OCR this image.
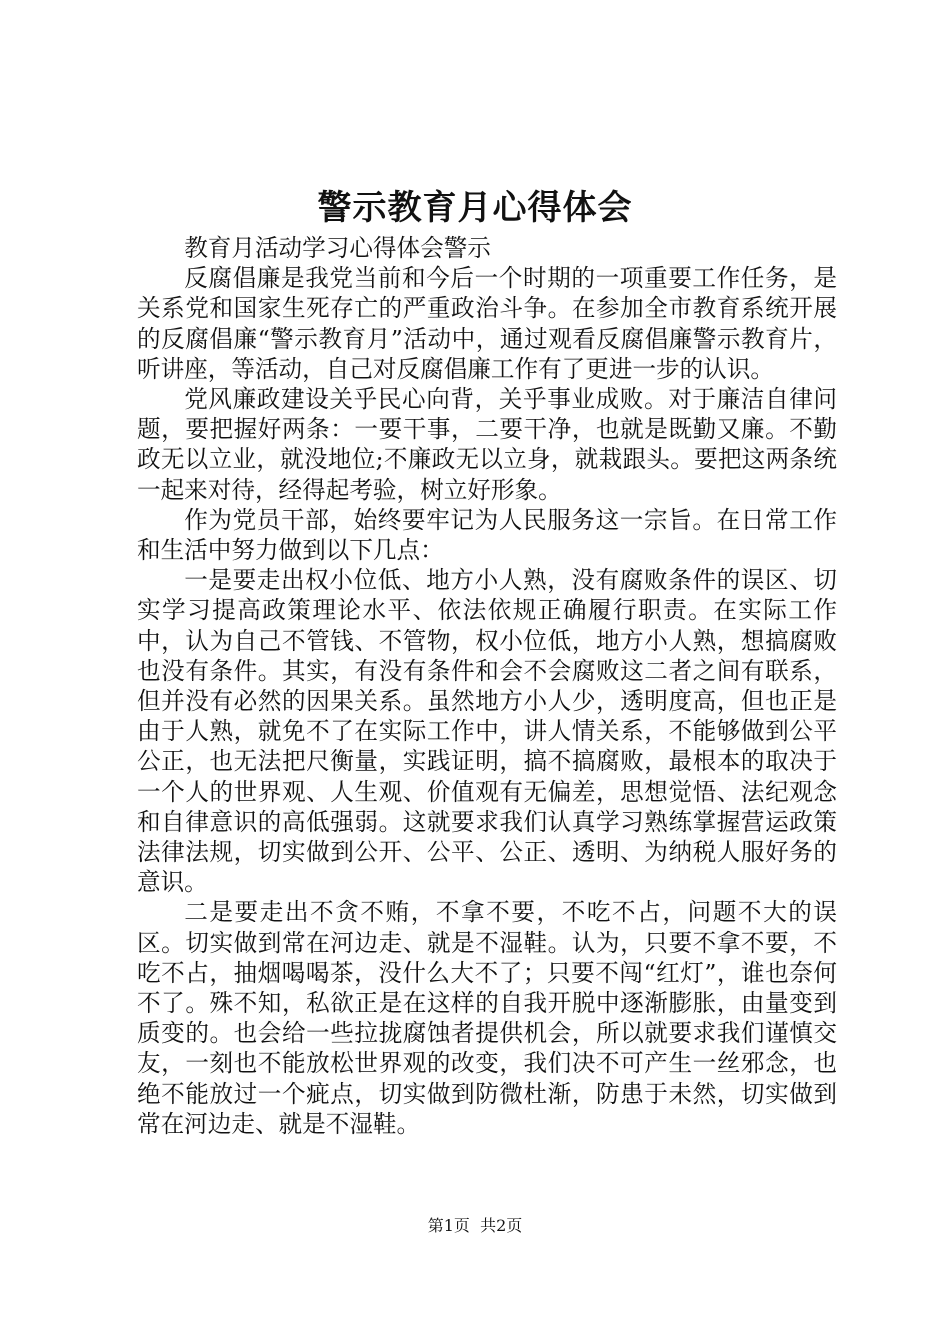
警示教育月心得体会

教育月活动学习心得体会警示

反腐倡廉是我党当前和今后一个时期的一项重要工作任务，是关系党和国家生死存亡的严重政治斗争。在参加全市教育系统开展的反腐倡廉“警示教育月”活动中，通过观看反腐倡廉警示教育片，听讲座，等活动，自己对反腐倡廉工作有了更进一步的认识。

党风廉政建设关乎民心向背，关乎事业成败。对于廉洁自律问题，要把握好两条：一要干事，二要干净，也就是既勤又廉。不勤政无以立业，就没地位;不廉政无以立身，就栽跟头。要把这两条统一起来对待，经得起考验，树立好形象。

作为党员干部，始终要牢记为人民服务这一宗旨。在日常工作和生活中努力做到以下几点：

一是要走出权小位低、地方小人熟，没有腐败条件的误区、切实学习提高政策理论水平、依法依规正确履行职责。在实际工作中，认为自己不管钱、不管物，权小位低，地方小人熟，想搞腐败也没有条件。其实，有没有条件和会不会腐败这二者之间有联系，但并没有必然的因果关系。虽然地方小人少，透明度高，但也正是由于人熟，就免不了在实际工作中，讲人情关系，不能够做到公平公正，也无法把尺衡量，实践证明，搞不搞腐败，最根本的取决于一个人的世界观、人生观、价值观有无偏差，思想觉悟、法纪观念和自律意识的高低强弱。这就要求我们认真学习熟练掌握营运政策法律法规，切实做到公开、公平、公正、透明、为纳税人服好务的意识。

二是要走出不贪不贿，不拿不要，不吃不占，问题不大的误区。切实做到常在河边走、就是不湿鞋。认为，只要不拿不要，不吃不占，抽烟喝喝茶，没什么大不了；只要不闯“红灯”，谁也奈何不了。殊不知，私欲正是在这样的自我开脱中逐渐膨胀，由量变到质变的。也会给一些拉拢腐蚀者提供机会，所以就要求我们谨慎交友，一刻也不能放松世界观的改变，我们决不可产生一丝邪念，也绝不能放过一个疵点，切实做到防微杜渐，防患于未然，切实做到常在河边走、就是不湿鞋。

第1页 共2页
